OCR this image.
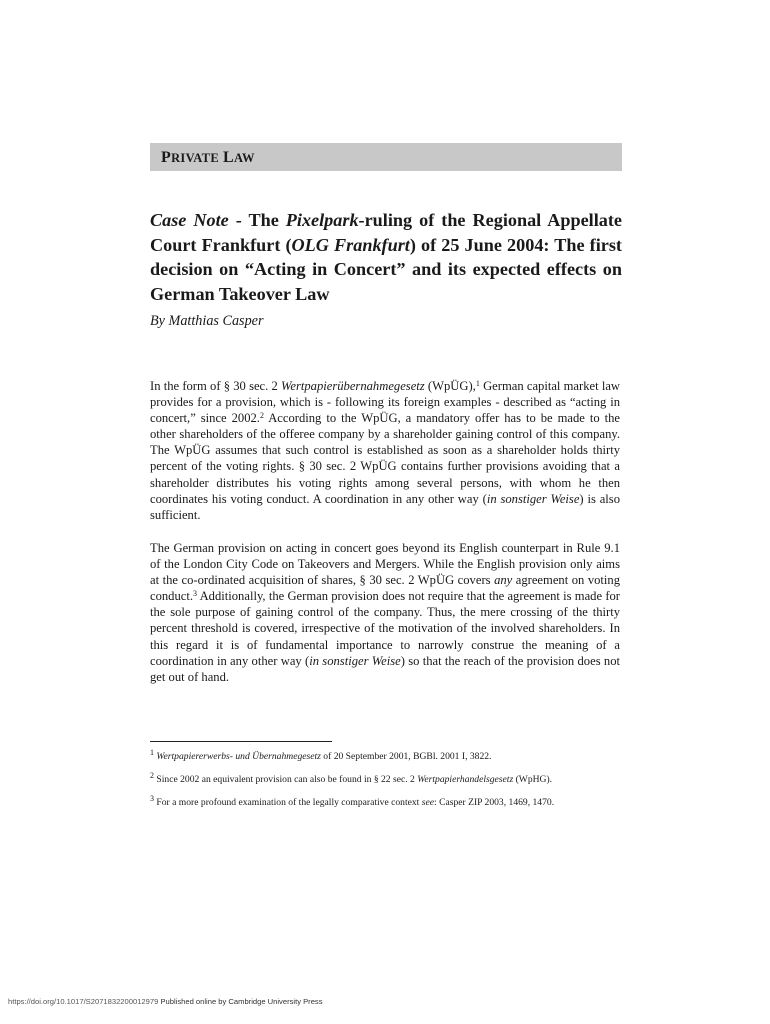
PRIVATE LAW
Case Note - The Pixelpark-ruling of the Regional Appellate Court Frankfurt (OLG Frankfurt) of 25 June 2004: The first decision on “Acting in Concert” and its expected effects on German Takeover Law

By Matthias Casper

In the form of § 30 sec. 2 Wertpapierübernahmegesetz (WpÜG),$^1$ German capital market law provides for a provision, which is - following its foreign examples - described as “acting in concert,” since 2002.$^2$ According to the WpÜG, a mandatory offer has to be made to the other shareholders of the offeree company by a shareholder gaining control of this company. The WpÜG assumes that such control is established as soon as a shareholder holds thirty percent of the voting rights. § 30 sec. 2 WpÜG contains further provisions avoiding that a shareholder distributes his voting rights among several persons, with whom he then coordinates his voting conduct. A coordination in any other way (in sonstiger Weise) is also sufficient.

The German provision on acting in concert goes beyond its English counterpart in Rule 9.1 of the London City Code on Takeovers and Mergers. While the English provision only aims at the co-ordinated acquisition of shares, § 30 sec. 2 WpÜG covers any agreement on voting conduct.$^3$ Additionally, the German provision does not require that the agreement is made for the sole purpose of gaining control of the company. Thus, the mere crossing of the thirty percent threshold is covered, irrespective of the motivation of the involved shareholders. In this regard it is of fundamental importance to narrowly construe the meaning of a coordination in any other way (in sonstiger Weise) so that the reach of the provision does not get out of hand.

$^1$ Wertpapiererwerbs- und Übernahmegesetz of 20 September 2001, BGBl. 2001 I, 3822.

$^2$ Since 2002 an equivalent provision can also be found in § 22 sec. 2 Wertpapierhandelsgesetz (WpHG).

$^3$ For a more profound examination of the legally comparative context see: Casper ZIP 2003, 1469, 1470.

https://doi.org/10.1017/S2071832200012979 Published online by Cambridge University Press
